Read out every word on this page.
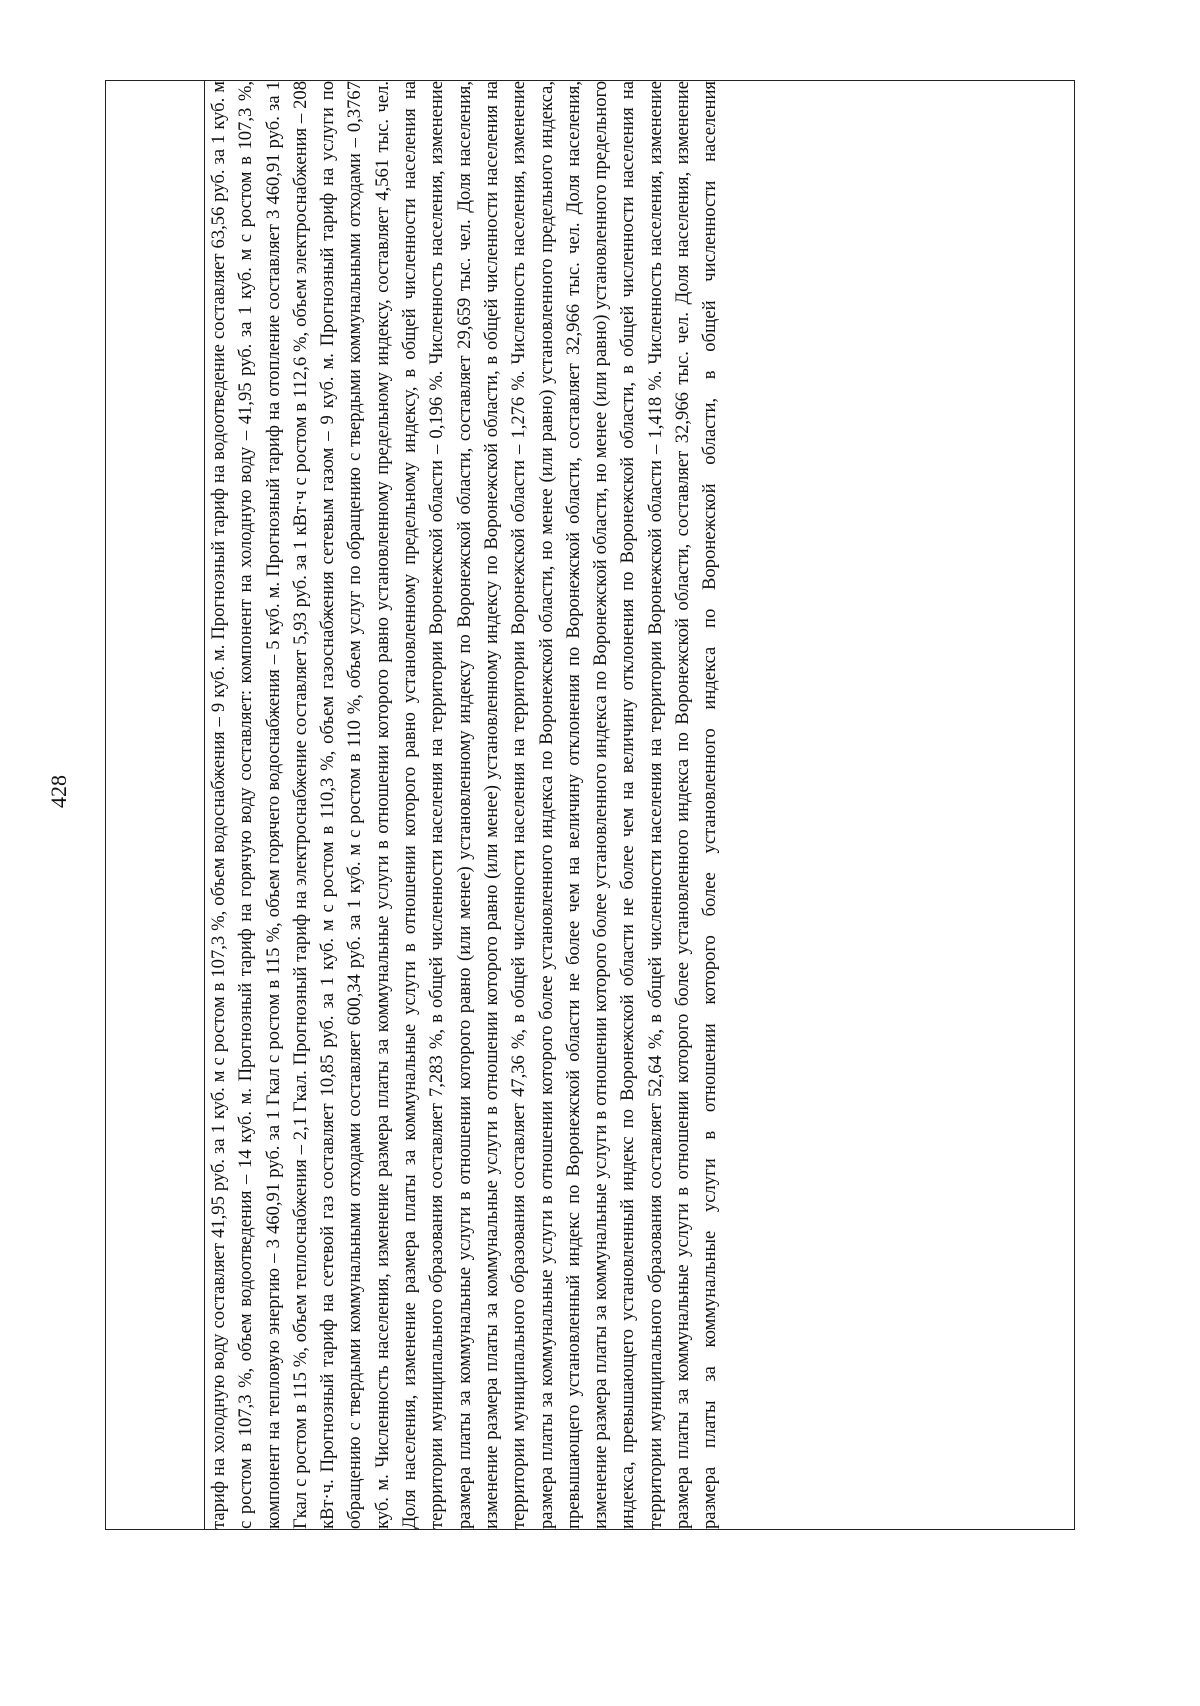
428	тариф на холодную воду составляет 41,95 руб. за 1 куб. м с ростом в 107,3 %, объем водоснабжения – 9 куб. м. Прогнозный тариф на водоотведение составляет 63,56 руб. за 1 куб. м с ростом в 107,3 %, объем водоотведения – 14 куб. м. Прогнозный тариф на горячую воду составляет: компонент на холодную воду – 41,95 руб. за 1 куб. м с ростом в 107,3 %, компонент на тепловую энергию – 3 460,91 руб. за 1 Гкал с ростом в 115 %, объем горячего водоснабжения – 5 куб. м. Прогнозный тариф на отопление составляет 3 460,91 руб. за 1 Гкал с ростом в 115 %, объем теплоснабжения – 2,1 Гкал. Прогнозный тариф на электроснабжение составляет 5,93 руб. за 1 кВт·ч с ростом в 112,6 %, объем электроснабжения – 208 кВт·ч. Прогнозный тариф на сетевой газ составляет 10,85 руб. за 1 куб. м с ростом в 110,3 %, объем газоснабжения сетевым газом – 9 куб. м. Прогнозный тариф на услуги по обращению с твердыми коммунальными отходами составляет 600,34 руб. за 1 куб. м с ростом в 110 %, объем услуг по обращению с твердыми коммунальными отходами – 0,3767 куб. м. Численность населения, изменение размера платы за коммунальные услуги в отношении которого равно установленному предельному индексу, составляет 4,561 тыс. чел. Доля населения, изменение размера платы за коммунальные услуги в отношении которого равно установленному предельному индексу, в общей численности населения на территории муниципального образования составляет 7,283 %, в общей численности населения на территории Воронежской области – 0,196 %. Численность населения, изменение размера платы за коммунальные услуги в отношении которого равно (или менее) установленному индексу по Воронежской области, составляет 29,659 тыс. чел. Доля населения, изменение размера платы за коммунальные услуги в отношении которого равно (или менее) установленному индексу по Воронежской области, в общей численности населения на территории муниципального образования составляет 47,36 %, в общей численности населения на территории Воронежской области – 1,276 %. Численность населения, изменение размера платы за коммунальные услуги в отношении которого более установленного индекса по Воронежской области, но менее (или равно) установленного предельного индекса, превышающего установленный индекс по Воронежской области не более чем на величину отклонения по Воронежской области, составляет 32,966 тыс. чел. Доля населения, изменение размера платы за коммунальные услуги в отношении которого более установленного индекса по Воронежской области, но менее (или равно) установленного предельного индекса, превышающего установленный индекс по Воронежской области не более чем на величину отклонения по Воронежской области, в общей численности населения на территории муниципального образования составляет 52,64 %, в общей численности населения на территории Воронежской области – 1,418 %. Численность населения, изменение размера платы за коммунальные услуги в отношении которого более установленного индекса по Воронежской области, составляет 32,966 тыс. чел. Доля населения, изменение размера платы за коммунальные услуги в отношении которого более установленного индекса по Воронежской области, в общей численности населения
